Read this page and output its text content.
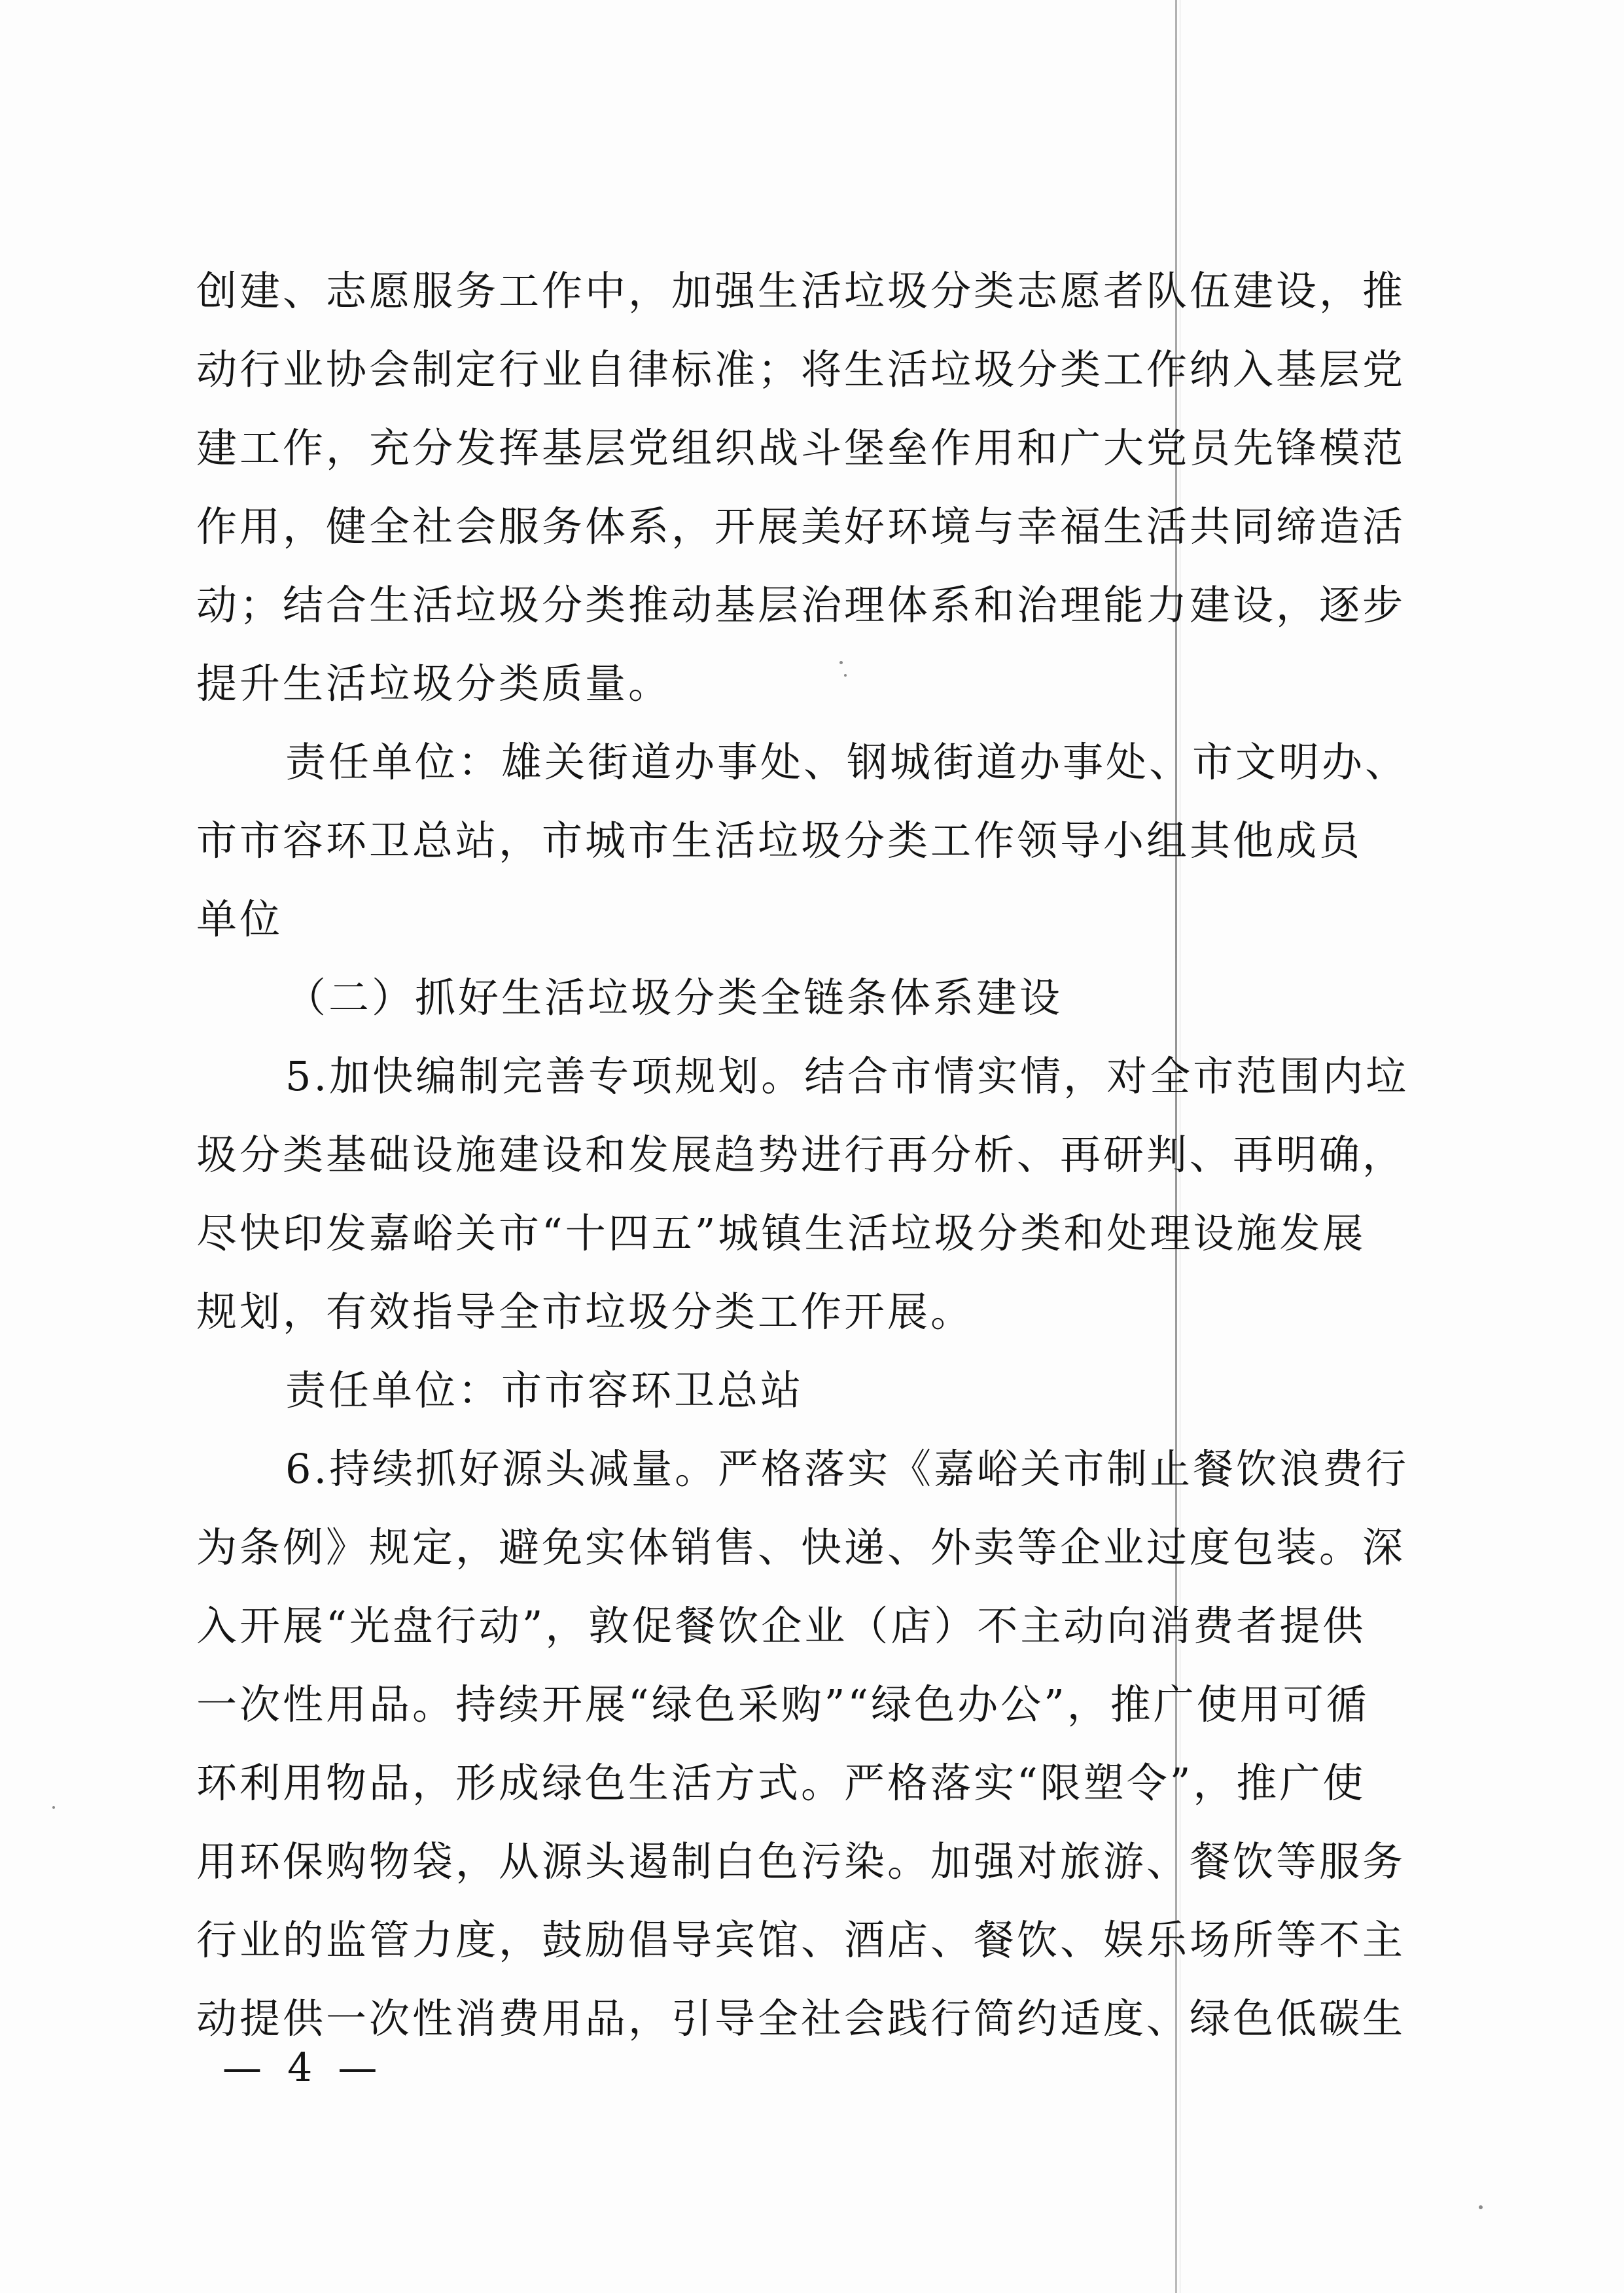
创建、志愿服务工作中，加强生活垃圾分类志愿者队伍建设，推
动行业协会制定行业自律标准；将生活垃圾分类工作纳入基层党
建工作，充分发挥基层党组织战斗堡垒作用和广大党员先锋模范
作用，健全社会服务体系，开展美好环境与幸福生活共同缔造活
动；结合生活垃圾分类推动基层治理体系和治理能力建设，逐步
提升生活垃圾分类质量。
责任单位：雄关街道办事处、钢城街道办事处、市文明办、
市市容环卫总站，市城市生活垃圾分类工作领导小组其他成员
单位
（二）抓好生活垃圾分类全链条体系建设
5.加快编制完善专项规划。结合市情实情，对全市范围内垃
圾分类基础设施建设和发展趋势进行再分析、再研判、再明确，
尽快印发嘉峪关市“十四五”城镇生活垃圾分类和处理设施发展
规划，有效指导全市垃圾分类工作开展。
责任单位：市市容环卫总站
6.持续抓好源头减量。严格落实《嘉峪关市制止餐饮浪费行
为条例》规定，避免实体销售、快递、外卖等企业过度包装。深
入开展“光盘行动”，敦促餐饮企业（店）不主动向消费者提供
一次性用品。持续开展“绿色采购”“绿色办公”，推广使用可循
环利用物品，形成绿色生活方式。严格落实“限塑令”，推广使
用环保购物袋，从源头遏制白色污染。加强对旅游、餐饮等服务
行业的监管力度，鼓励倡导宾馆、酒店、餐饮、娱乐场所等不主
动提供一次性消费用品，引导全社会践行简约适度、绿色低碳生
— 4 —
